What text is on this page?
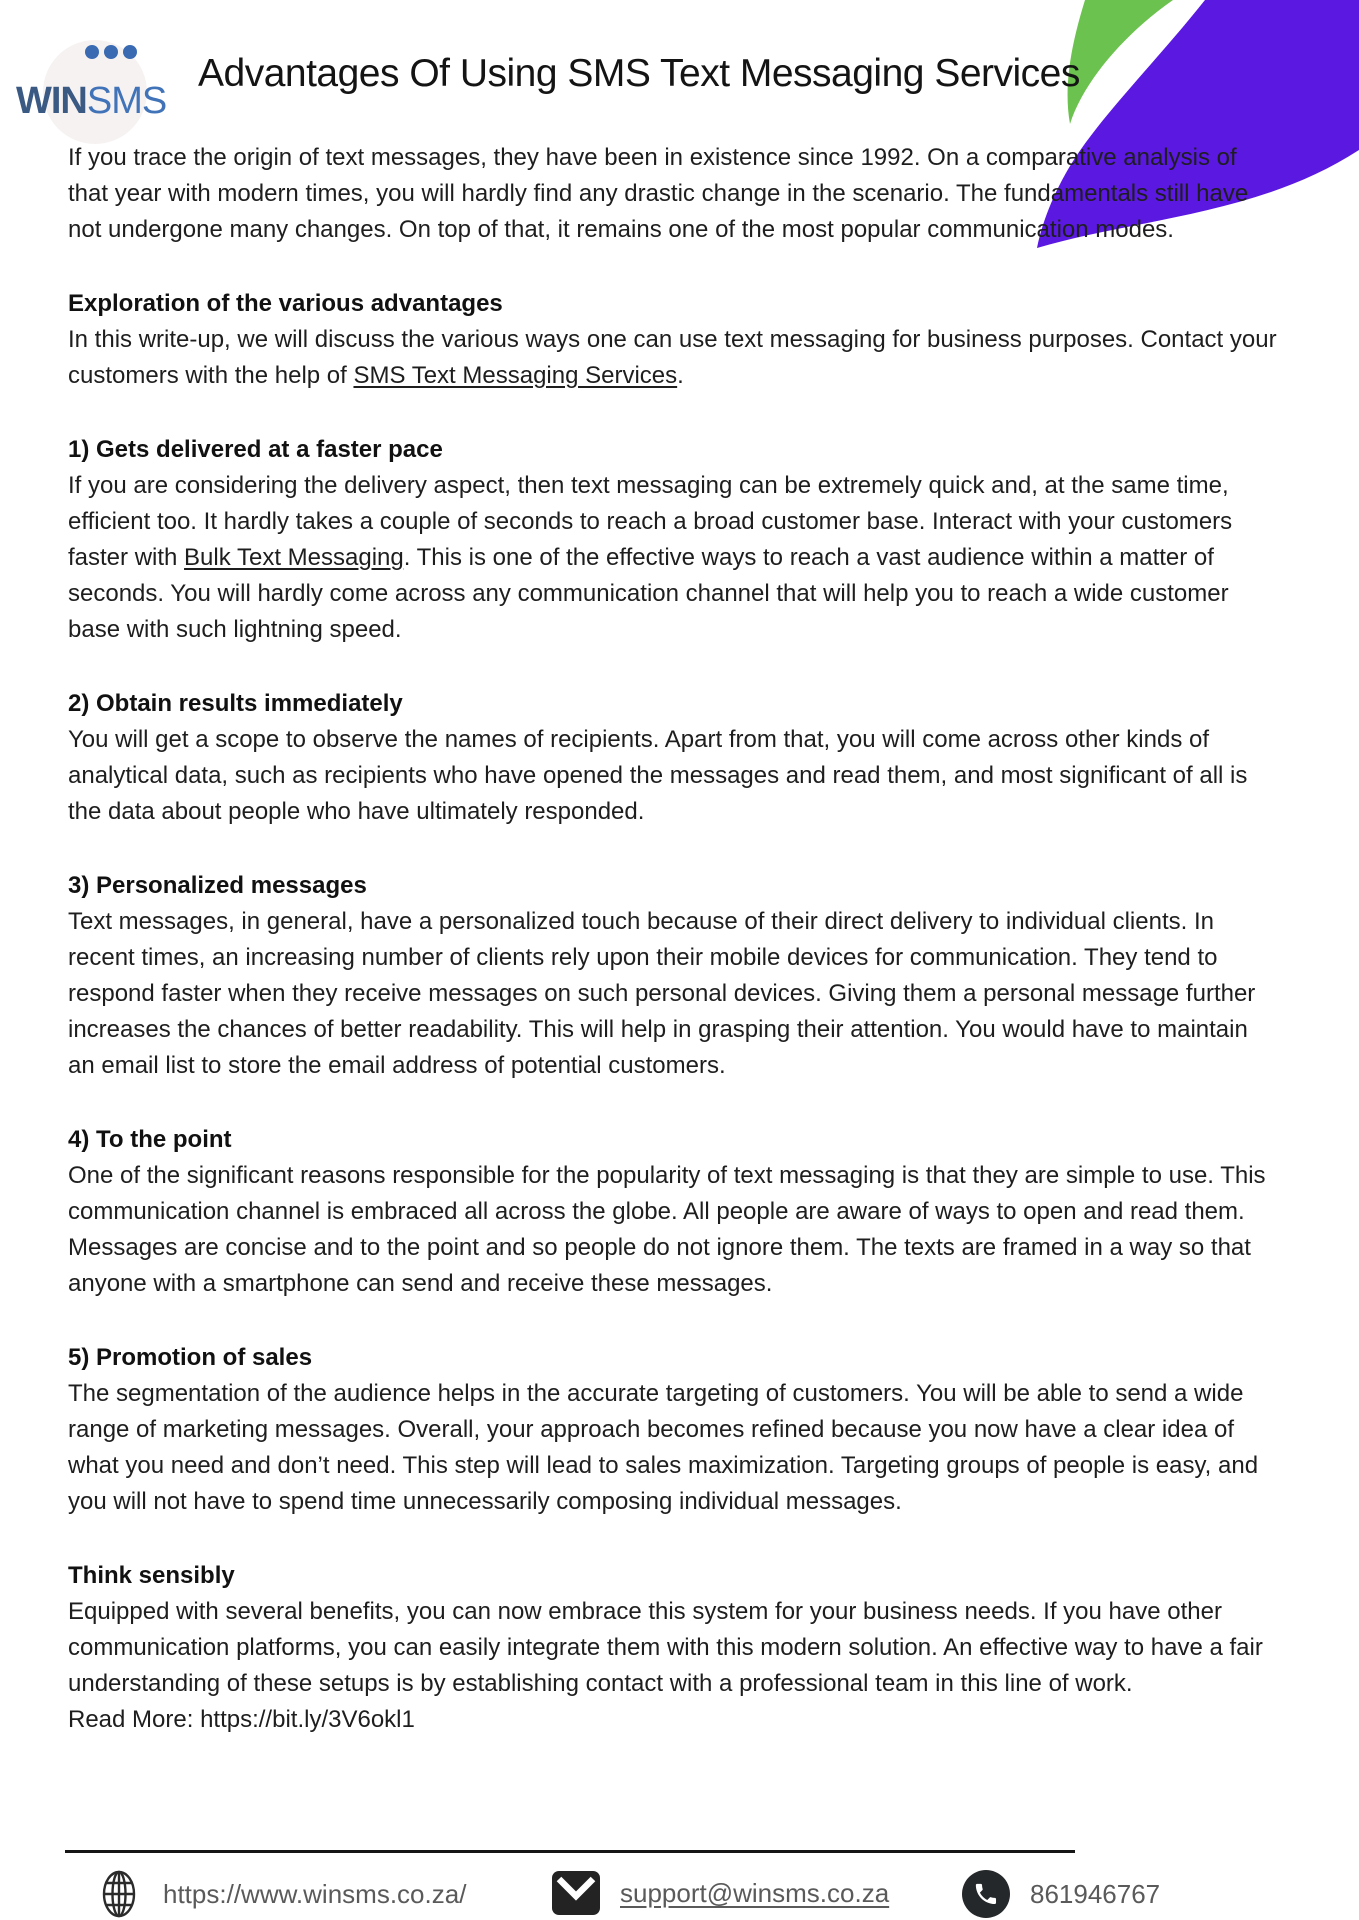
WINSMS
Advantages Of Using SMS Text Messaging Services

If you trace the origin of text messages, they have been in existence since 1992. On a comparative analysis of that year with modern times, you will hardly find any drastic change in the scenario. The fundamentals still have not undergone many changes. On top of that, it remains one of the most popular communication modes.

Exploration of the various advantages

In this write-up, we will discuss the various ways one can use text messaging for business purposes. Contact your customers with the help of SMS Text Messaging Services.

1) Gets delivered at a faster pace

If you are considering the delivery aspect, then text messaging can be extremely quick and, at the same time, efficient too. It hardly takes a couple of seconds to reach a broad customer base. Interact with your customers faster with Bulk Text Messaging. This is one of the effective ways to reach a vast audience within a matter of seconds. You will hardly come across any communication channel that will help you to reach a wide customer base with such lightning speed.

2) Obtain results immediately

You will get a scope to observe the names of recipients. Apart from that, you will come across other kinds of analytical data, such as recipients who have opened the messages and read them, and most significant of all is the data about people who have ultimately responded.

3) Personalized messages

Text messages, in general, have a personalized touch because of their direct delivery to individual clients. In recent times, an increasing number of clients rely upon their mobile devices for communication. They tend to respond faster when they receive messages on such personal devices. Giving them a personal message further increases the chances of better readability. This will help in grasping their attention. You would have to maintain an email list to store the email address of potential customers.

4) To the point

One of the significant reasons responsible for the popularity of text messaging is that they are simple to use. This communication channel is embraced all across the globe. All people are aware of ways to open and read them. Messages are concise and to the point and so people do not ignore them. The texts are framed in a way so that anyone with a smartphone can send and receive these messages.

5) Promotion of sales

The segmentation of the audience helps in the accurate targeting of customers. You will be able to send a wide range of marketing messages. Overall, your approach becomes refined because you now have a clear idea of what you need and don’t need. This step will lead to sales maximization. Targeting groups of people is easy, and you will not have to spend time unnecessarily composing individual messages.

Think sensibly

Equipped with several benefits, you can now embrace this system for your business needs. If you have other communication platforms, you can easily integrate them with this modern solution. An effective way to have a fair understanding of these setups is by establishing contact with a professional team in this line of work.

Read More: https://bit.ly/3V6okl1

https://www.winsms.co.za/	support@winsms.co.za	861946767
